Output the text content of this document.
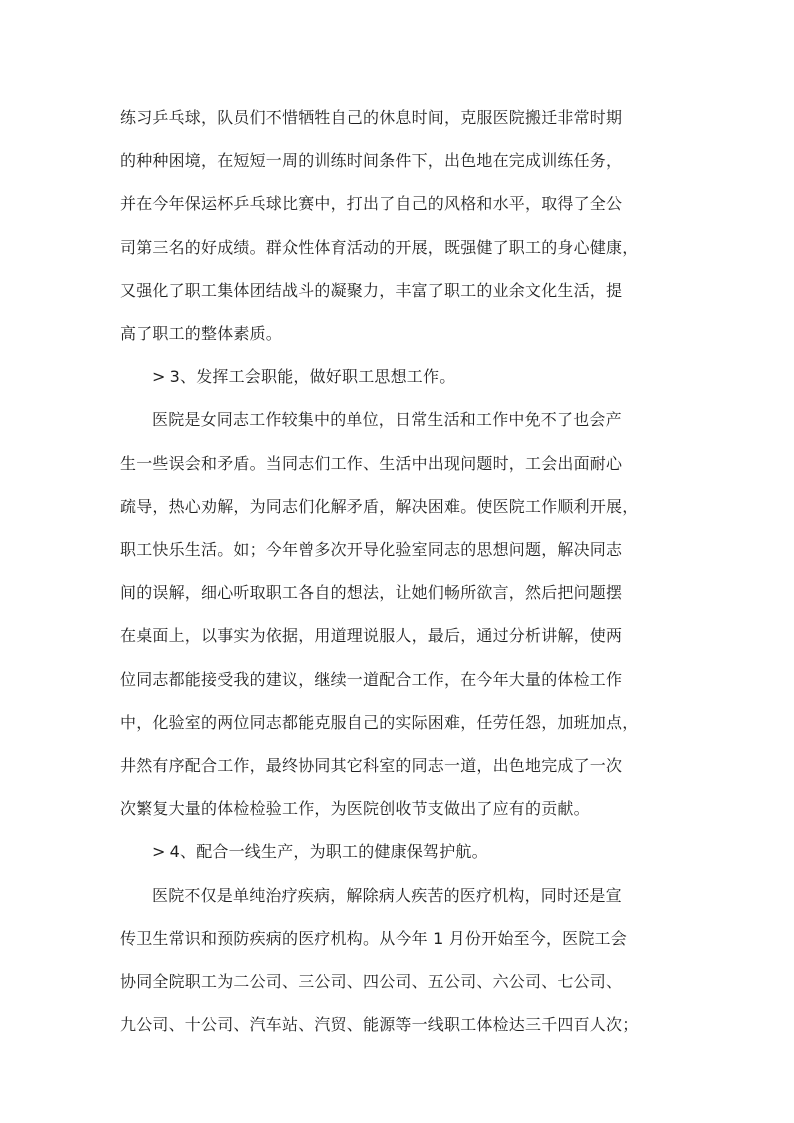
练习乒乓球，队员们不惜牺牲自己的休息时间，克服医院搬迁非常时期
的种种困境，在短短一周的训练时间条件下，出色地在完成训练任务，
并在今年保运杯乒乓球比赛中，打出了自己的风格和水平，取得了全公
司第三名的好成绩。群众性体育活动的开展，既强健了职工的身心健康，
又强化了职工集体团结战斗的凝聚力，丰富了职工的业余文化生活，提
高了职工的整体素质。

> 3、发挥工会职能，做好职工思想工作。

医院是女同志工作较集中的单位，日常生活和工作中免不了也会产
生一些误会和矛盾。当同志们工作、生活中出现问题时，工会出面耐心
疏导，热心劝解，为同志们化解矛盾，解决困难。使医院工作顺利开展，
职工快乐生活。如；今年曾多次开导化验室同志的思想问题，解决同志
间的误解，细心听取职工各自的想法，让她们畅所欲言，然后把问题摆
在桌面上，以事实为依据，用道理说服人，最后，通过分析讲解，使两
位同志都能接受我的建议，继续一道配合工作，在今年大量的体检工作
中，化验室的两位同志都能克服自己的实际困难，任劳任怨，加班加点，
井然有序配合工作，最终协同其它科室的同志一道，出色地完成了一次
次繁复大量的体检检验工作，为医院创收节支做出了应有的贡献。

> 4、配合一线生产，为职工的健康保驾护航。

医院不仅是单纯治疗疾病，解除病人疾苦的医疗机构，同时还是宣
传卫生常识和预防疾病的医疗机构。从今年 1 月份开始至今，医院工会
协同全院职工为二公司、三公司、四公司、五公司、六公司、七公司、
九公司、十公司、汽车站、汽贸、能源等一线职工体检达三千四百人次；
